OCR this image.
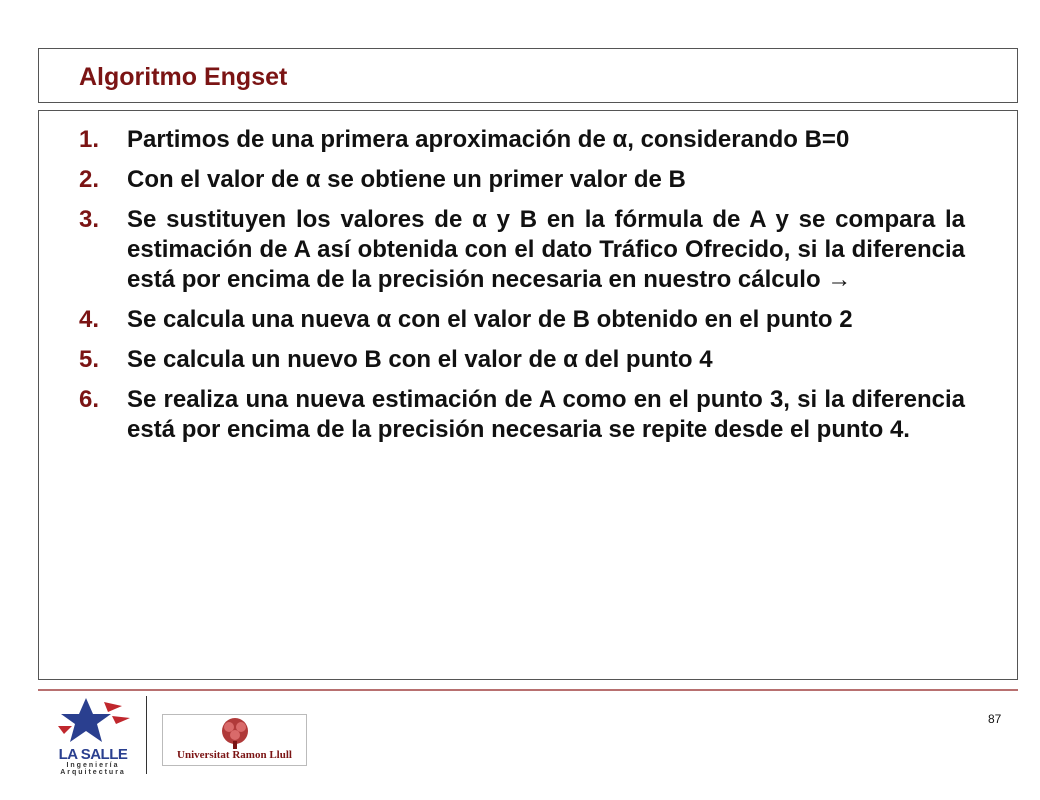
Algoritmo Engset
1.	Partimos de una primera aproximación de α, considerando B=0
2.	Con el valor de α se obtiene un primer valor de B
3.	Se sustituyen los valores de α y B en la fórmula de A y se compara la estimación de A así obtenida con el dato Tráfico Ofrecido, si la diferencia está por encima de la precisión necesaria en nuestro cálculo →
4.	Se calcula una nueva α con el valor de B obtenido en el punto 2
5.	Se calcula un nuevo B con el valor de α del punto 4
6.	Se realiza una nueva estimación de A como en el punto 3, si la diferencia está por encima de la precisión necesaria se repite desde el punto 4.
LA SALLE
Ingeniería
Arquitectura
Universitat Ramon Llull
87
